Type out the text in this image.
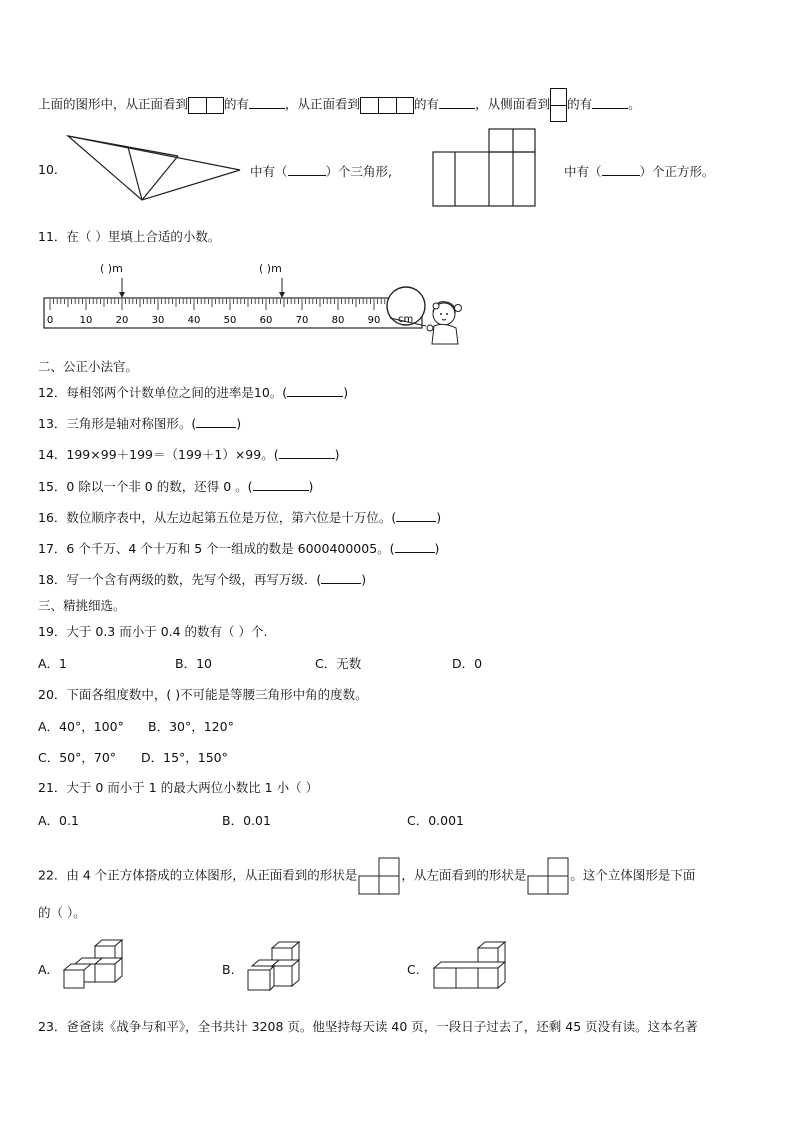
上面的图形中，从正面看到	的有	，从正面看到	的有	，从侧面看到 的有	。
10.	中有（	）个三角形,	中有（	）个正方形。
11．在（ ）里填上合适的小数。
( )m	( )m
0	10 20 30 40 50 60 70 80 90 cm
二、公正小法官。
12．每相邻两个计数单位之间的进率是10。(	)
13．三角形是轴对称图形。(	)
14．199×99＋199＝（199＋1）×99。(	)
15．0 除以一个非 0 的数，还得 0 。(	)
16．数位顺序表中，从左边起第五位是万位，第六位是十万位。(	)
17．6 个千万、4 个十万和 5 个一组成的数是 6000400005。(	)
18．写一个含有两级的数，先写个级，再写万级．(	)
三、精挑细选。
19．大于 0.3 而小于 0.4 的数有（ ）个.
A．1	B．10	C．无数	D．0
20．下面各组度数中，( )不可能是等腰三角形中角的度数。
A．40°，100° B．30°，120°
C．50°，70° D．15°，150°
21．大于 0 而小于 1 的最大两位小数比 1 小（ ）
A．0.1	B．0.01	C．0.001
22．由 4 个正方体搭成的立体图形，从正面看到的形状是	，从左面看到的形状是	。这个立体图形是下面
的（ ）。
A.	B.	C.
23．爸爸读《战争与和平》，全书共计 3208 页。他坚持每天读 40 页，一段日子过去了，还剩 45 页没有读。这本名著
